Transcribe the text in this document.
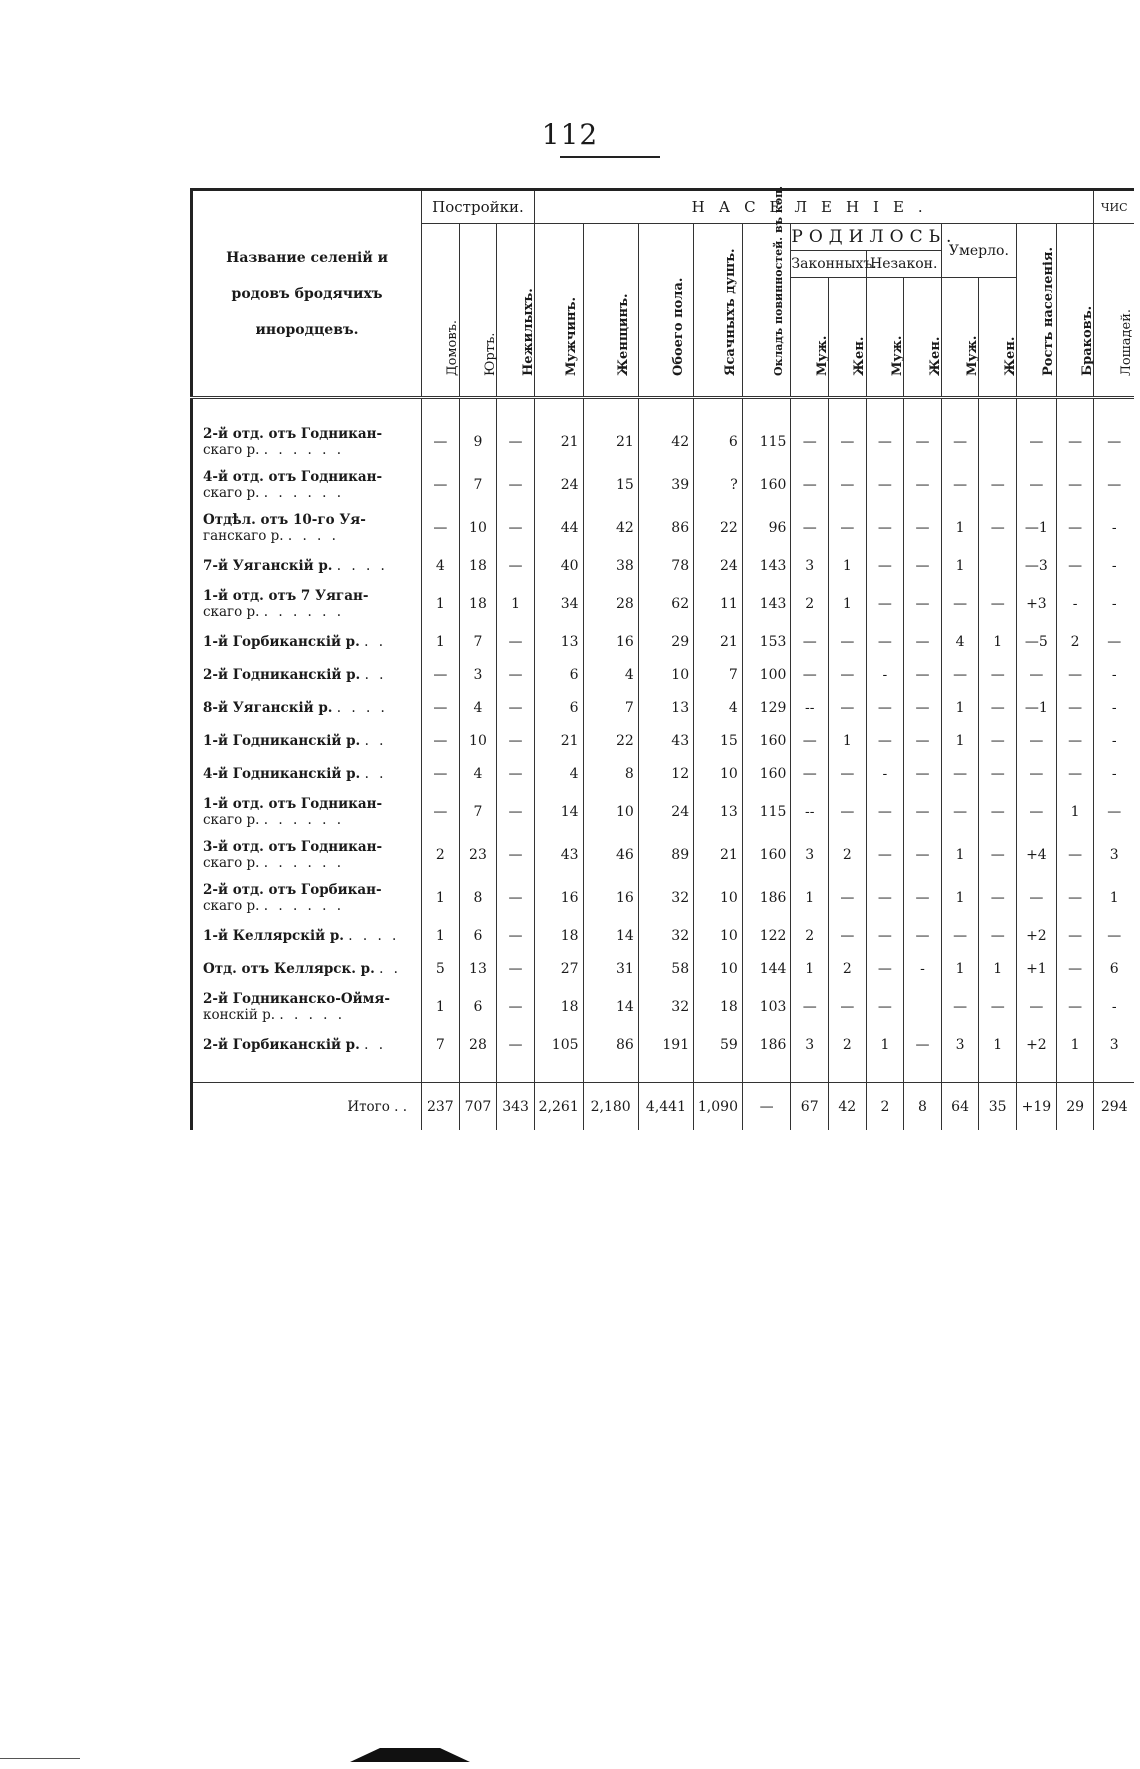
112
Название селеній и родовъ бродячихъ инородцевъ.	Постройки.			НАСЕЛЕНІЕ.													ЧИС

	Домовъ.	Юртъ.	Нежилыхъ.	Мужчинъ.	Женщинъ.	Обоего пола.	Ясачныхъ душъ.	Окладъ повинностей. въ коп.	РОДИЛОСЬ.				Умерло.		Ростъ населенія.	Браковъ.	Лошадей.

									Законныхъ.		Незакон.						

									Муж.	Жен.	Муж.	Жен.	Муж.	Жен.			

2-й отд. отъ Годникан-
скаго р. . . . . . .	—	9	—	21	21	42	6	115	—	—	—	—	—		—	—	—
4-й отд. отъ Годникан-
скаго р. . . . . . .	—	7	—	24	15	39	?	160	—	—	—	—	—	—	—	—	—
Отдѣл. отъ 10-го Уя-
ганскаго р. . . . .	—	10	—	44	42	86	22	96	—	—	—	—	1	—	—1	—	-
7-й Уяганскій р. . . . .	4	18	—	40	38	78	24	143	3	1	—	—	1		—3	—	-
1-й отд. отъ 7 Уяган-
скаго р. . . . . . .	1	18	1	34	28	62	11	143	2	1	—	—	—	—	+3	-	-
1-й Горбиканскій р. . .	1	7	—	13	16	29	21	153	—	—	—	—	4	1	—5	2	—
2-й Годниканскій р. . .	—	3	—	6	4	10	7	100	—	—	-	—	—	—	—	—	-
8-й Уяганскій р. . . . .	—	4	—	6	7	13	4	129	--	—	—	—	1	—	—1	—	-
1-й Годниканскій р. . .	—	10	—	21	22	43	15	160	—	1	—	—	1	—	—	—	-
4-й Годниканскій р. . .	—	4	—	4	8	12	10	160	—	—	-	—	—	—	—	—	-
1-й отд. отъ Годникан-
скаго р. . . . . . .	—	7	—	14	10	24	13	115	--	—	—	—	—	—	—	1	—
3-й отд. отъ Годникан-
скаго р. . . . . . .	2	23	—	43	46	89	21	160	3	2	—	—	1	—	+4	—	3
2-й отд. отъ Горбикан-
скаго р. . . . . . .	1	8	—	16	16	32	10	186	1	—	—	—	1	—	—	—	1
1-й Келлярскій р. . . . .	1	6	—	18	14	32	10	122	2	—	—	—	—	—	+2	—	—
Отд. отъ Келлярск. р. . .	5	13	—	27	31	58	10	144	1	2	—	-	1	1	+1	—	6
2-й Годниканско-Оймя-
конскій р. . . . . .	1	6	—	18	14	32	18	103	—	—	—		—	—	—	—	-
2-й Горбиканскій р. . .	7	28	—	105	86	191	59	186	3	2	1	—	3	1	+2	1	3

Итого . .	237	707	343	2,261	2,180	4,441	1,090	—	67	42	2	8	64	35	+19	29	294
